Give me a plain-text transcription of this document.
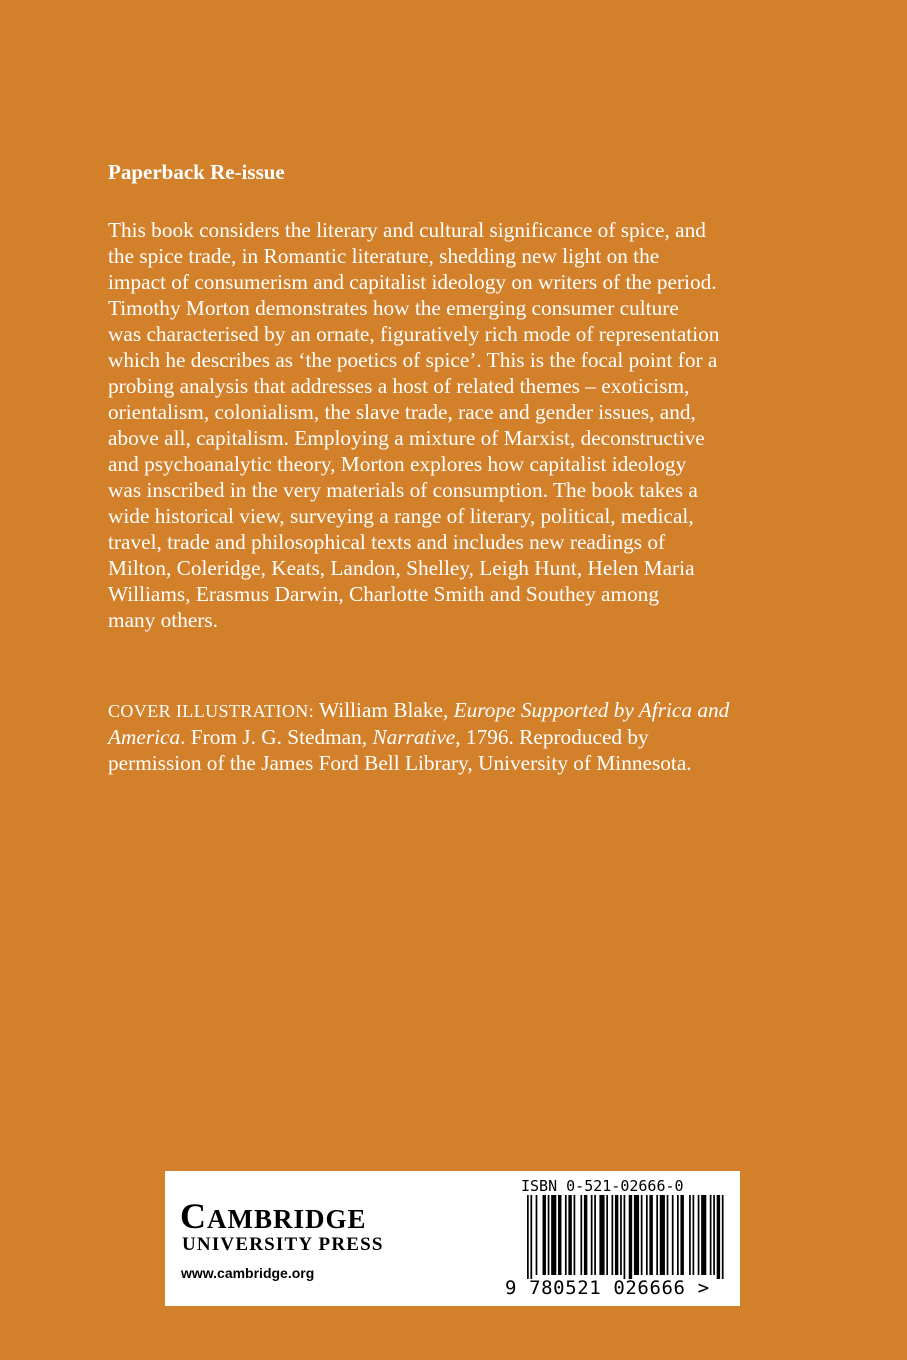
Paperback Re-issue

This book considers the literary and cultural significance of spice, and
the spice trade, in Romantic literature, shedding new light on the
impact of consumerism and capitalist ideology on writers of the period.
Timothy Morton demonstrates how the emerging consumer culture
was characterised by an ornate, figuratively rich mode of representation
which he describes as ‘the poetics of spice’. This is the focal point for a
probing analysis that addresses a host of related themes – exoticism,
orientalism, colonialism, the slave trade, race and gender issues, and,
above all, capitalism. Employing a mixture of Marxist, deconstructive
and psychoanalytic theory, Morton explores how capitalist ideology
was inscribed in the very materials of consumption. The book takes a
wide historical view, surveying a range of literary, political, medical,
travel, trade and philosophical texts and includes new readings of
Milton, Coleridge, Keats, Landon, Shelley, Leigh Hunt, Helen Maria
Williams, Erasmus Darwin, Charlotte Smith and Southey among
many others.

COVER ILLUSTRATION: William Blake, Europe Supported by Africa and
America. From J. G. Stedman, Narrative, 1796. Reproduced by
permission of the James Ford Bell Library, University of Minnesota.

CAMBRIDGE
UNIVERSITY PRESS
www.cambridge.org
ISBN 0-521-02666-0
9 780521 026666 >
